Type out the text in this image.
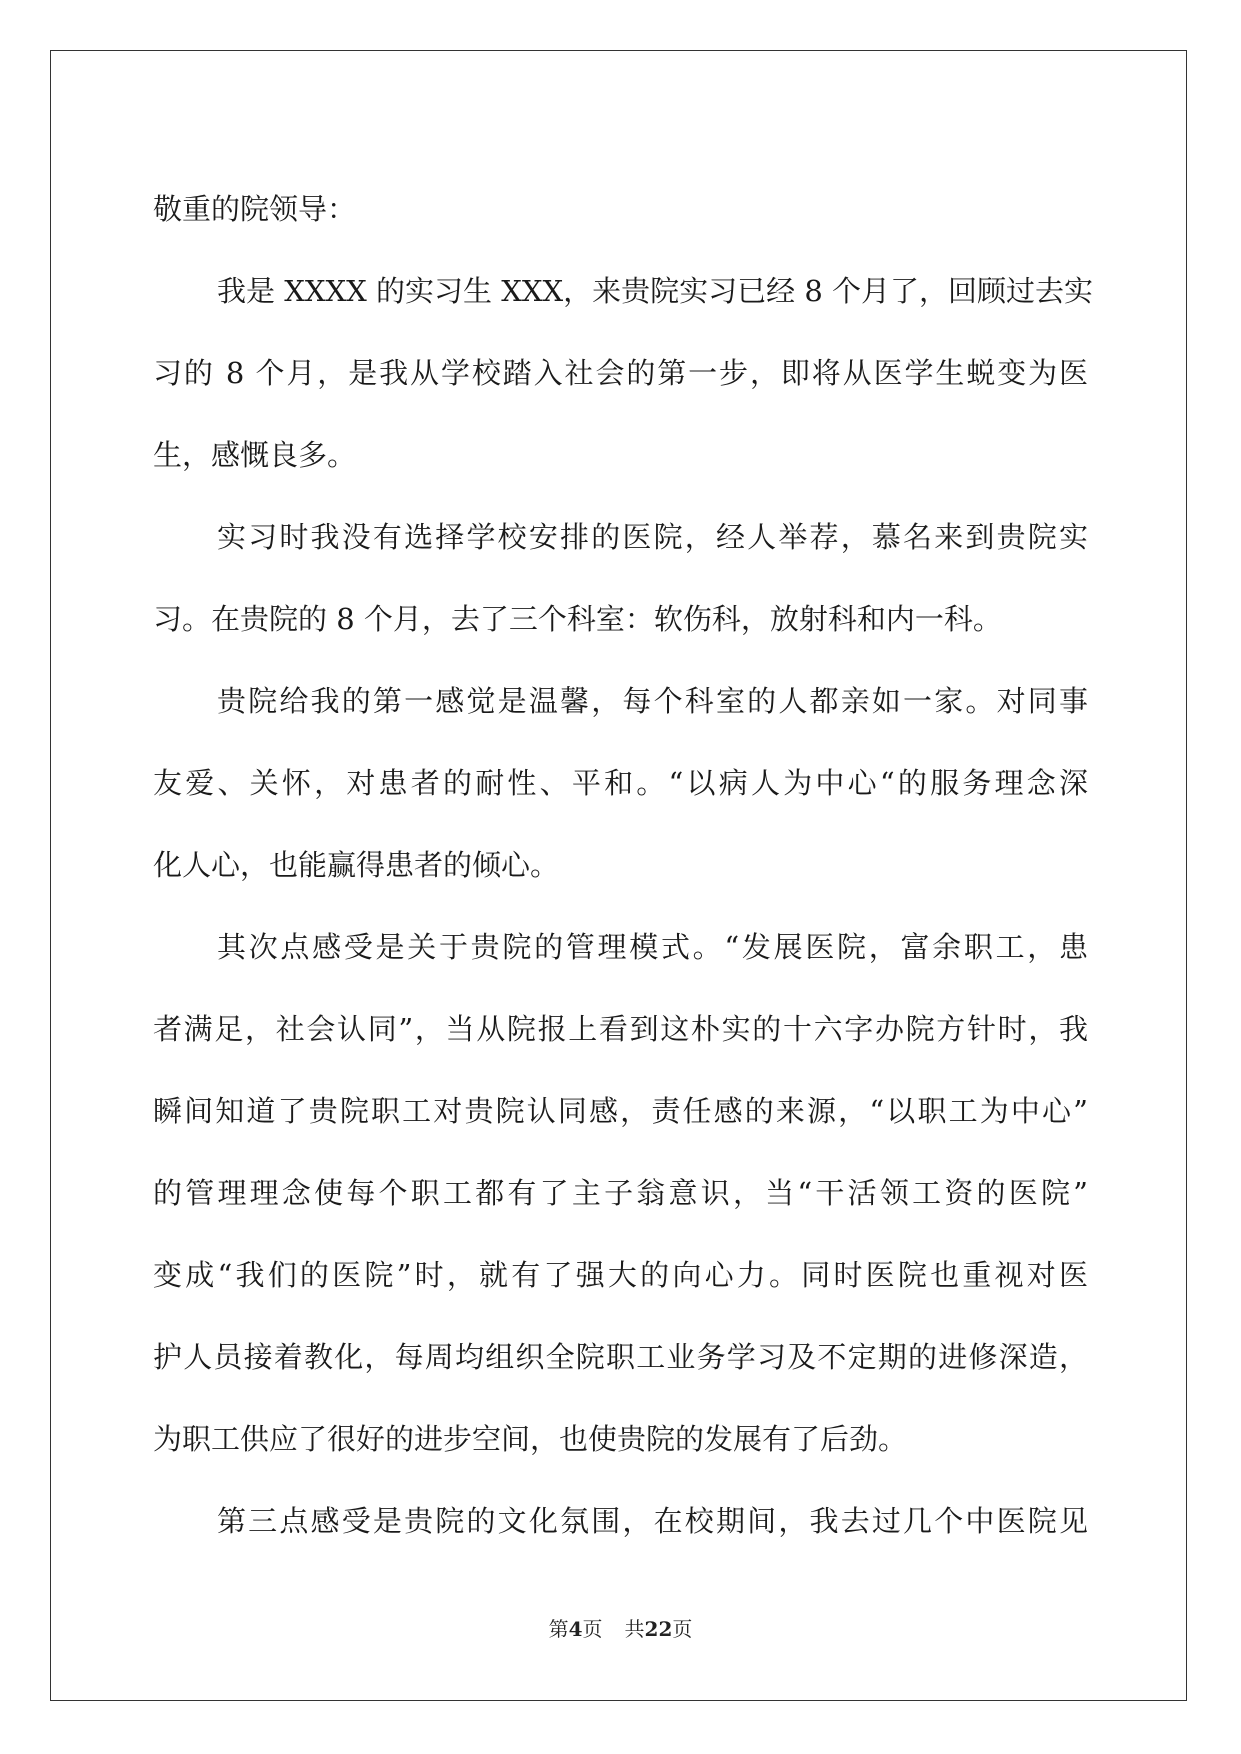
敬重的院领导：
我是 XXXX 的实习生 XXX，来贵院实习已经 8 个月了，回顾过去实
习的 8 个月，是我从学校踏入社会的第一步，即将从医学生蜕变为医
生，感慨良多。
实习时我没有选择学校安排的医院，经人举荐，慕名来到贵院实
习。在贵院的 8 个月，去了三个科室：软伤科，放射科和内一科。
贵院给我的第一感觉是温馨，每个科室的人都亲如一家。对同事
友爱、关怀，对患者的耐性、平和。“以病人为中心“的服务理念深
化人心，也能赢得患者的倾心。
其次点感受是关于贵院的管理模式。“发展医院，富余职工，患
者满足，社会认同”，当从院报上看到这朴实的十六字办院方针时，我
瞬间知道了贵院职工对贵院认同感，责任感的来源，“以职工为中心”
的管理理念使每个职工都有了主子翁意识，当“干活领工资的医院”
变成“我们的医院”时，就有了强大的向心力。同时医院也重视对医
护人员接着教化，每周均组织全院职工业务学习及不定期的进修深造，
为职工供应了很好的进步空间，也使贵院的发展有了后劲。
第三点感受是贵院的文化氛围，在校期间，我去过几个中医院见
第4页 共22页
